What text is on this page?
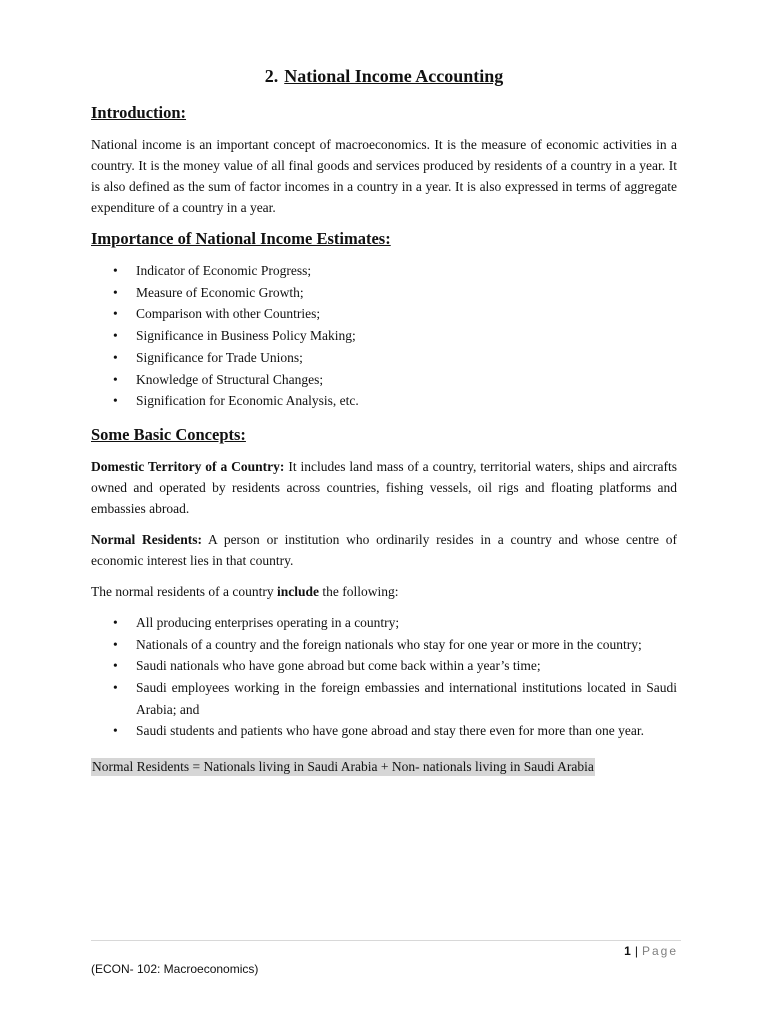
2. National Income Accounting
Introduction:

National income is an important concept of macroeconomics. It is the measure of economic activities in a country. It is the money value of all final goods and services produced by residents of a country in a year. It is also defined as the sum of factor incomes in a country in a year. It is also expressed in terms of aggregate expenditure of a country in a year.

Importance of National Income Estimates:
• Indicator of Economic Progress;
• Measure of Economic Growth;
• Comparison with other Countries;
• Significance in Business Policy Making;
• Significance for Trade Unions;
• Knowledge of Structural Changes;
• Signification for Economic Analysis, etc.
Some Basic Concepts:

Domestic Territory of a Country: It includes land mass of a country, territorial waters, ships and aircrafts owned and operated by residents across countries, fishing vessels, oil rigs and floating platforms and embassies abroad.

Normal Residents: A person or institution who ordinarily resides in a country and whose centre of economic interest lies in that country.

The normal residents of a country include the following:

• All producing enterprises operating in a country;
• Nationals of a country and the foreign nationals who stay for one year or more in the country;
• Saudi nationals who have gone abroad but come back within a year’s time;
• Saudi employees working in the foreign embassies and international institutions located in Saudi Arabia; and
• Saudi students and patients who have gone abroad and stay there even for more than one year.
Normal Residents = Nationals living in Saudi Arabia + Non- nationals living in Saudi Arabia
1 | Page
(ECON- 102: Macroeconomics)
